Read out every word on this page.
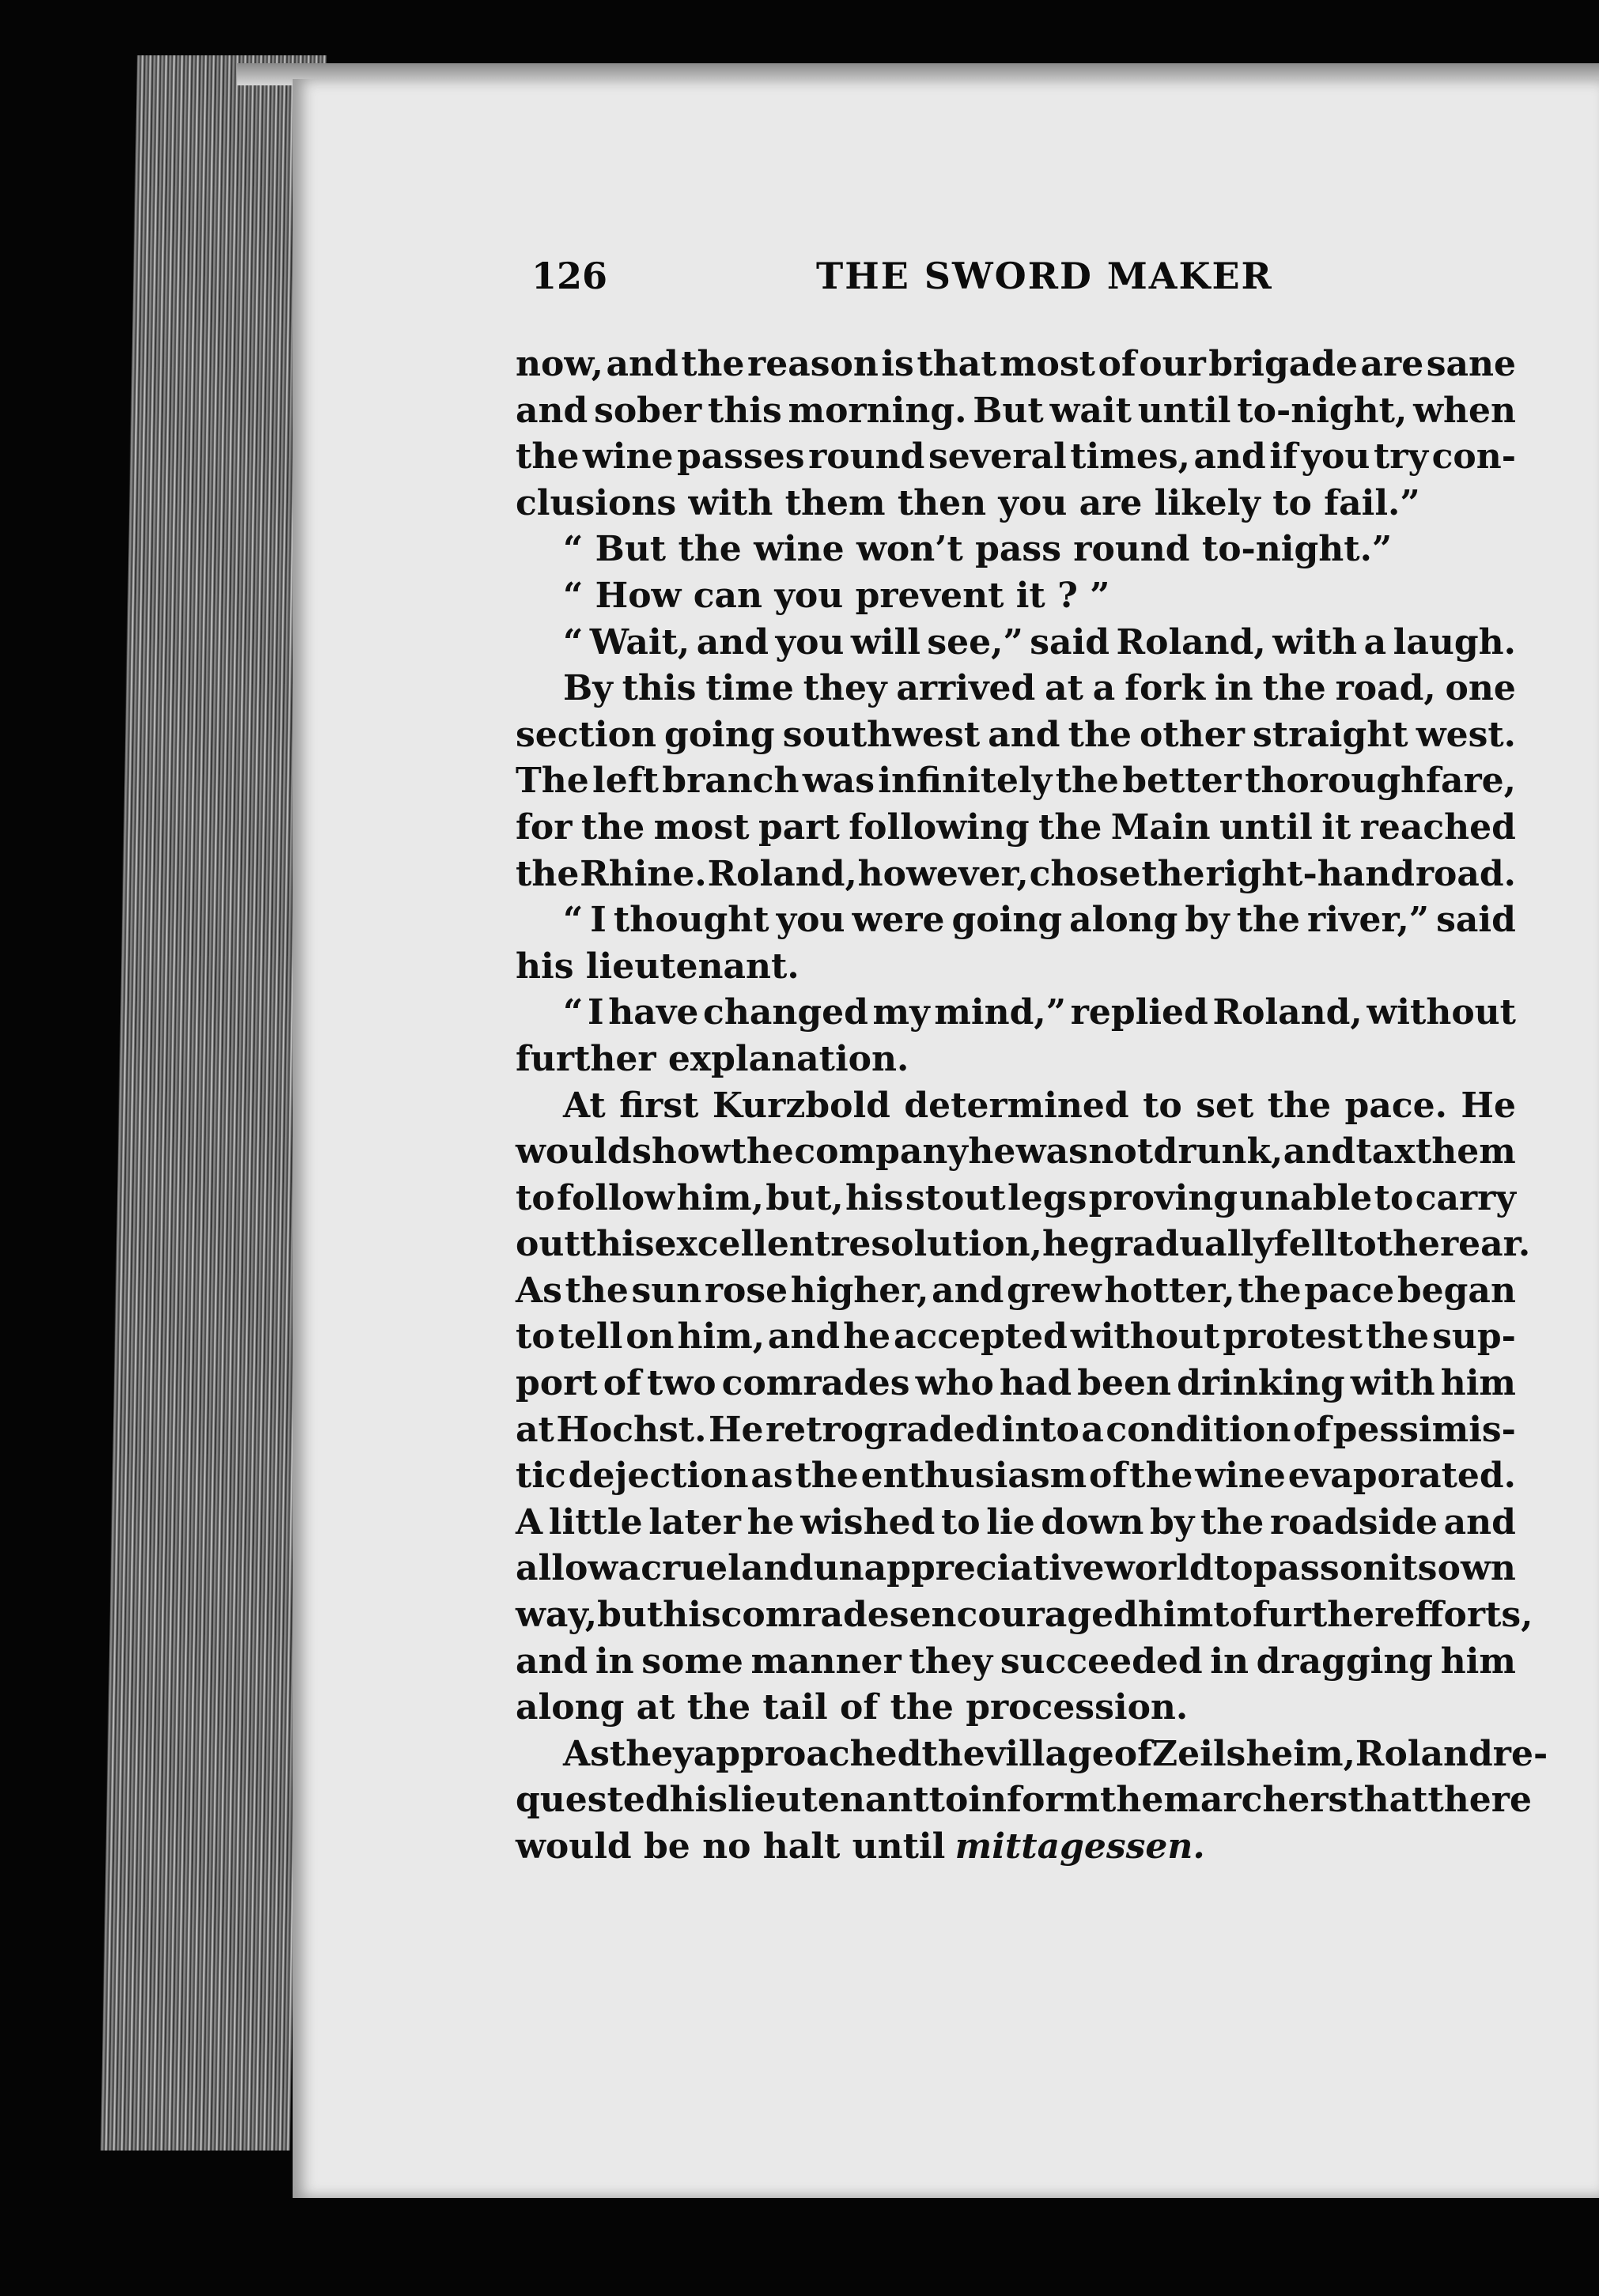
126	THE SWORD MAKER
now, and the reason is that most of our brigade are sane
and sober this morning. But wait until to-night, when
the wine passes round several times, and if you try con-
clusions with them then you are likely to fail.”
“ But the wine won’t pass round to-night.”
“ How can you prevent it ? ”
“ Wait, and you will see,” said Roland, with a laugh.
By this time they arrived at a fork in the road, one
section going southwest and the other straight west.
The left branch was infinitely the better thoroughfare,
for the most part following the Main until it reached
the Rhine. Roland, however, chose the right-hand road.
“ I thought you were going along by the river,” said
his lieutenant.
“ I have changed my mind,” replied Roland, without
further explanation.
At first Kurzbold determined to set the pace. He
would show the company he was not drunk, and tax them
to follow him, but, his stout legs proving unable to carry
out this excellent resolution, he gradually fell to the rear.
As the sun rose higher, and grew hotter, the pace began
to tell on him, and he accepted without protest the sup-
port of two comrades who had been drinking with him
at Hochst. He retrograded into a condition of pessimis-
tic dejection as the enthusiasm of the wine evaporated.
A little later he wished to lie down by the roadside and
allow a cruel and unappreciative world to pass on its own
way, but his comrades encouraged him to further efforts,
and in some manner they succeeded in dragging him
along at the tail of the procession.
As they approached the village of Zeilsheim, Roland re-
quested his lieutenant to inform the marchers that there
would be no halt until mittagessen.
